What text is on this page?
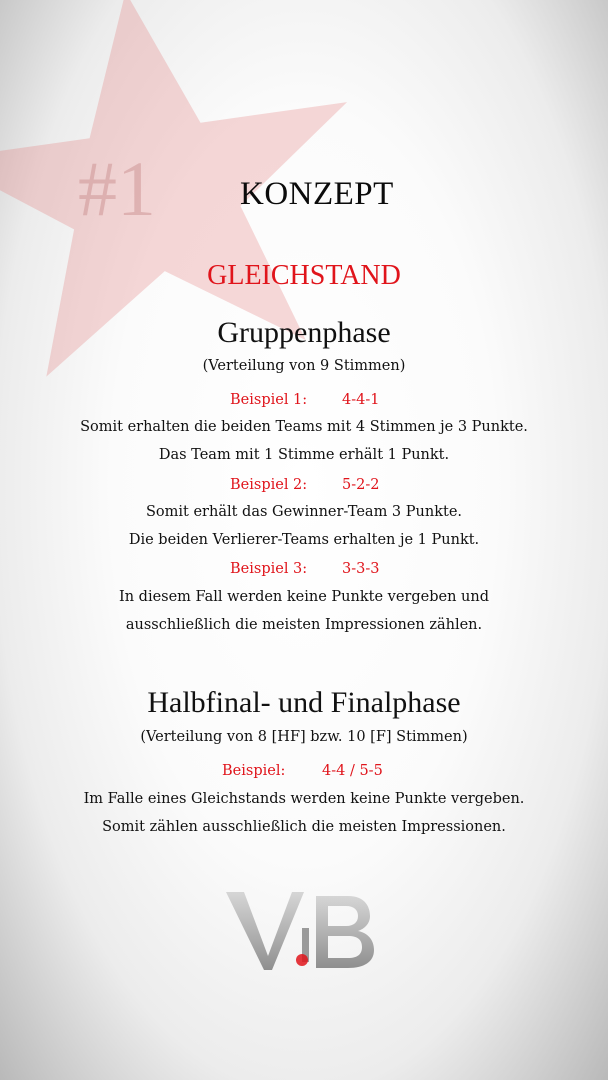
#1	KONZEPT
GLEICHSTAND
Gruppenphase
(Verteilung von 9 Stimmen)
Beispiel 1: 4-4-1
Somit erhalten die beiden Teams mit 4 Stimmen je 3 Punkte.
Das Team mit 1 Stimme erhält 1 Punkt.
Beispiel 2: 5-2-2
Somit erhält das Gewinner-Team 3 Punkte.
Die beiden Verlierer-Teams erhalten je 1 Punkt.
Beispiel 3: 3-3-3
In diesem Fall werden keine Punkte vergeben und
ausschließlich die meisten Impressionen zählen.
Halbfinal- und Finalphase
(Verteilung von 8 [HF] bzw. 10 [F] Stimmen)
Beispiel:	4-4 / 5-5
Im Falle eines Gleichstands werden keine Punkte vergeben.
Somit zählen ausschließlich die meisten Impressionen.
